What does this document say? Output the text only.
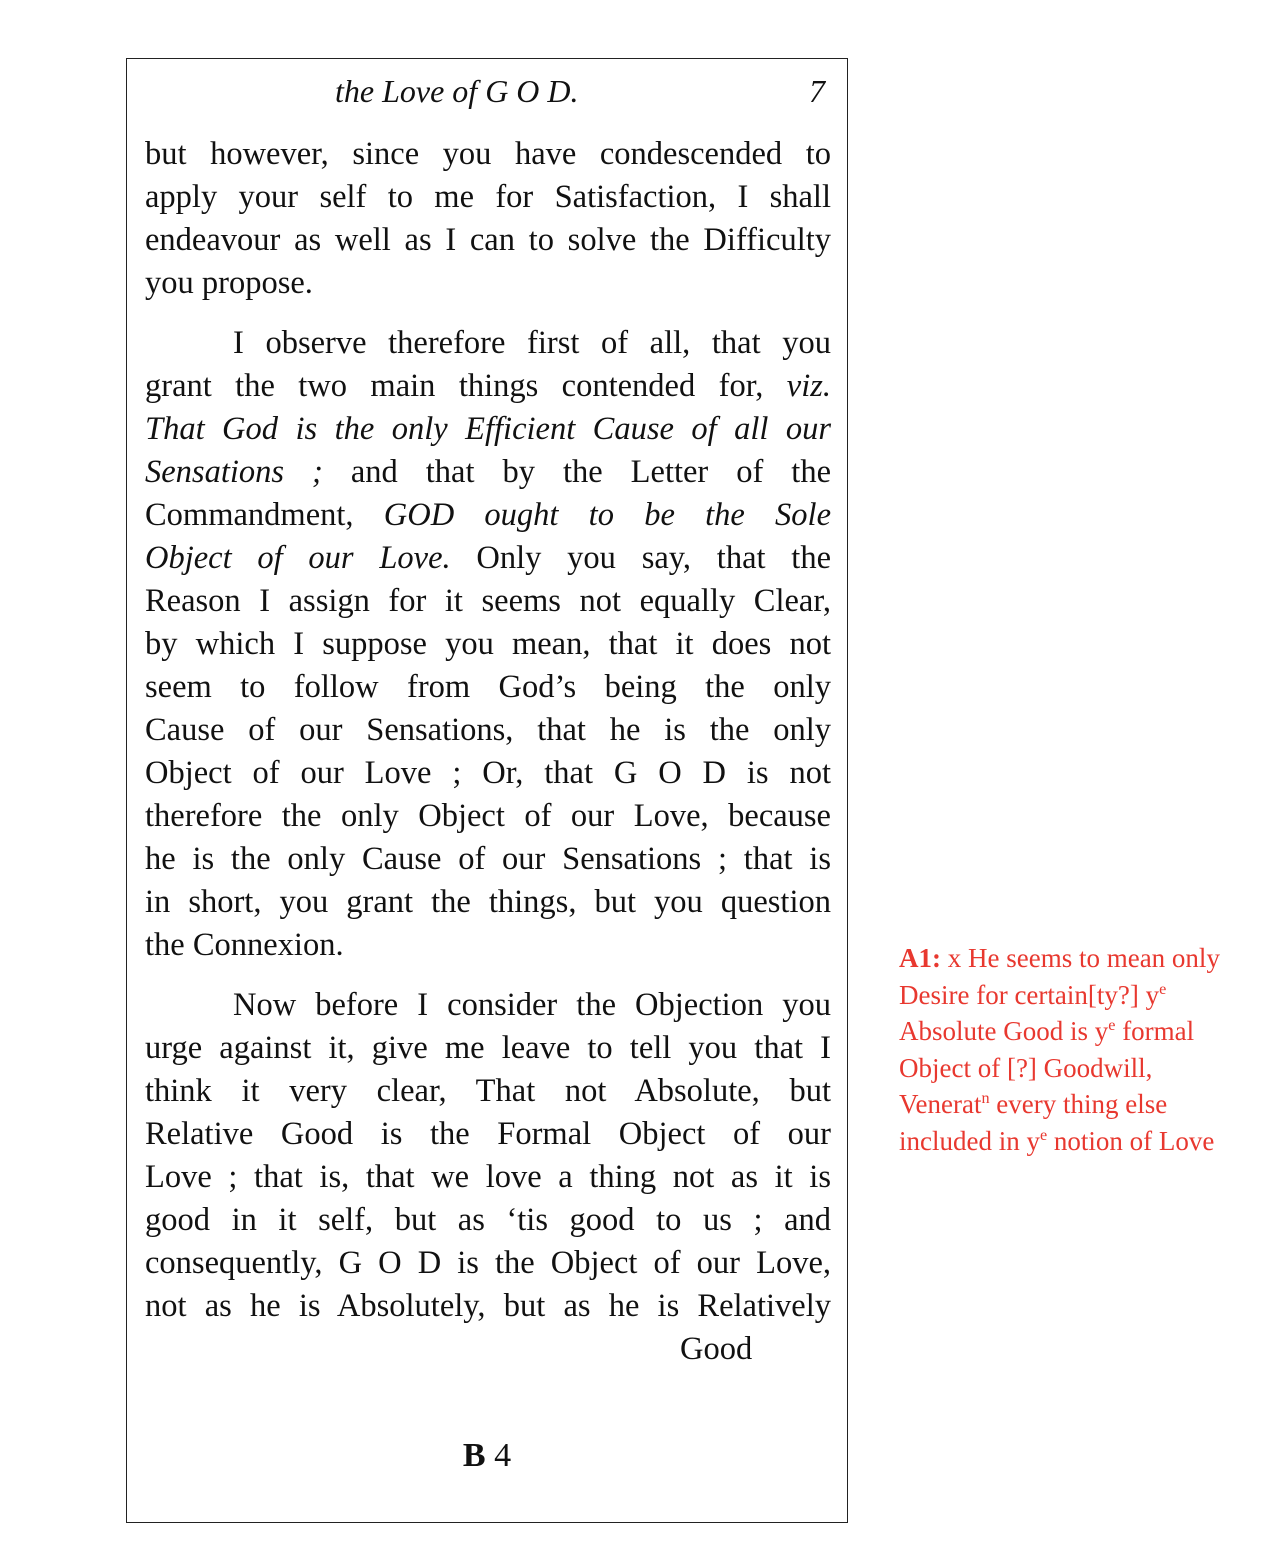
the Love of G O D.	7
but however, since you have condescended to
apply your self to me for Satisfaction, I shall
endeavour as well as I can to solve the Difficulty
you propose.
I observe therefore first of all, that you
grant the two main things contended for, viz.
That God is the only Efficient Cause of all our
Sensations ; and that by the Letter of the
Commandment, GOD ought to be the Sole
Object of our Love. Only you say, that the
Reason I assign for it seems not equally Clear,
by which I suppose you mean, that it does not
seem to follow from God’s being the only
Cause of our Sensations, that he is the only
Object of our Love ; Or, that G O D is not
therefore the only Object of our Love, because
he is the only Cause of our Sensations ; that is
in short, you grant the things, but you question
the Connexion.
Now before I consider the Objection you
urge against it, give me leave to tell you that I
think it very clear, That not Absolute, but
Relative Good is the Formal Object of our
Love ; that is, that we love a thing not as it is
good in it self, but as ‘tis good to us ; and
consequently, G O D is the Object of our Love,
not as he is Absolutely, but as he is Relatively
Good
B 4
A1: x He seems to mean only
Desire for certain[ty?] $y^e$
Absolute Good is $y^e$ formal
Object of [?] Goodwill,
Venerat$^n$ every thing else
included in $y^e$ notion of Love
